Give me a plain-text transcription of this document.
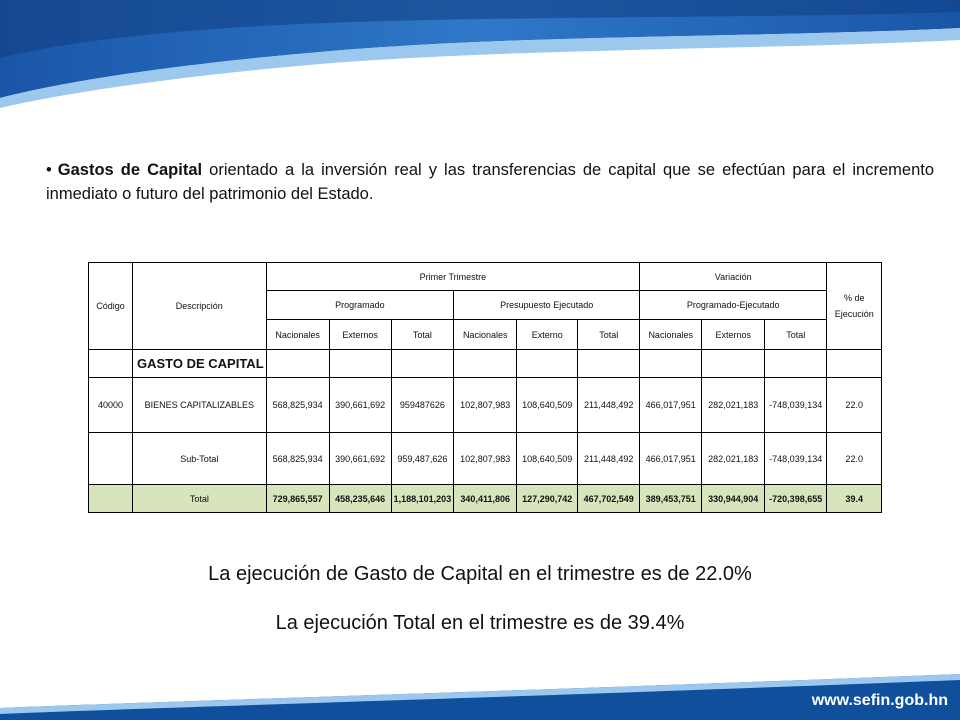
• Gastos de Capital orientado a la inversión real y las transferencias de capital que se efectúan para el incremento inmediato o futuro del patrimonio del Estado.
Código	Descripción	Primer Trimestre						Variación			% de Ejecución
		Programado			Presupuesto Ejecutado			Programado-Ejecutado			
		Nacionales	Externos	Total	Nacionales	Externo	Total	Nacionales	Externos	Total	
	GASTO DE CAPITAL										
40000	BIENES CAPITALIZABLES	568,825,934	390,661,692	959487626	102,807,983	108,640,509	211,448,492	466,017,951	282,021,183	-748,039,134	22.0
	Sub-Total	568,825,934	390,661,692	959,487,626	102,807,983	108,640,509	211,448,492	466,017,951	282,021,183	-748,039,134	22.0
	Total	729,865,557	458,235,646	1,188,101,203	340,411,806	127,290,742	467,702,549	389,453,751	330,944,904	-720,398,655	39.4
La ejecución de Gasto de Capital en el trimestre es de 22.0%
La ejecución Total en el trimestre es de 39.4%
www.sefin.gob.hn
